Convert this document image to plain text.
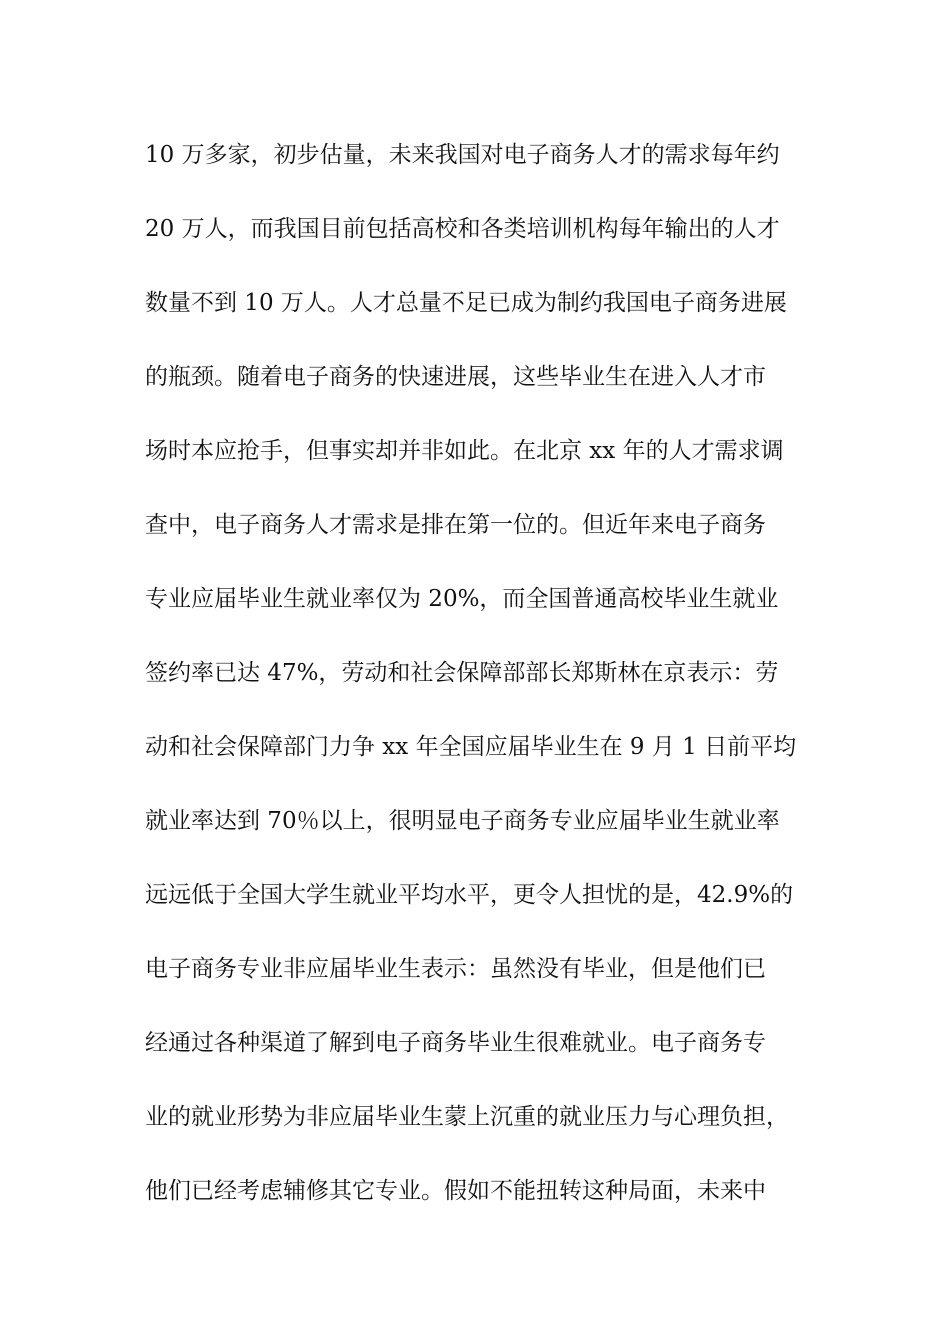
10 万多家，初步估量，未来我国对电子商务人才的需求每年约
20 万人，而我国目前包括高校和各类培训机构每年输出的人才
数量不到 10 万人。人才总量不足已成为制约我国电子商务进展
的瓶颈。随着电子商务的快速进展，这些毕业生在进入人才市
场时本应抢手，但事实却并非如此。在北京 xx 年的人才需求调
查中，电子商务人才需求是排在第一位的。但近年来电子商务
专业应届毕业生就业率仅为 20%，而全国普通高校毕业生就业
签约率已达 47%，劳动和社会保障部部长郑斯林在京表示：劳
动和社会保障部门力争 xx 年全国应届毕业生在 9 月 1 日前平均
就业率达到 70％以上，很明显电子商务专业应届毕业生就业率
远远低于全国大学生就业平均水平，更令人担忧的是，42.9%的
电子商务专业非应届毕业生表示：虽然没有毕业，但是他们已
经通过各种渠道了解到电子商务毕业生很难就业。电子商务专
业的就业形势为非应届毕业生蒙上沉重的就业压力与心理负担，
他们已经考虑辅修其它专业。假如不能扭转这种局面，未来中
